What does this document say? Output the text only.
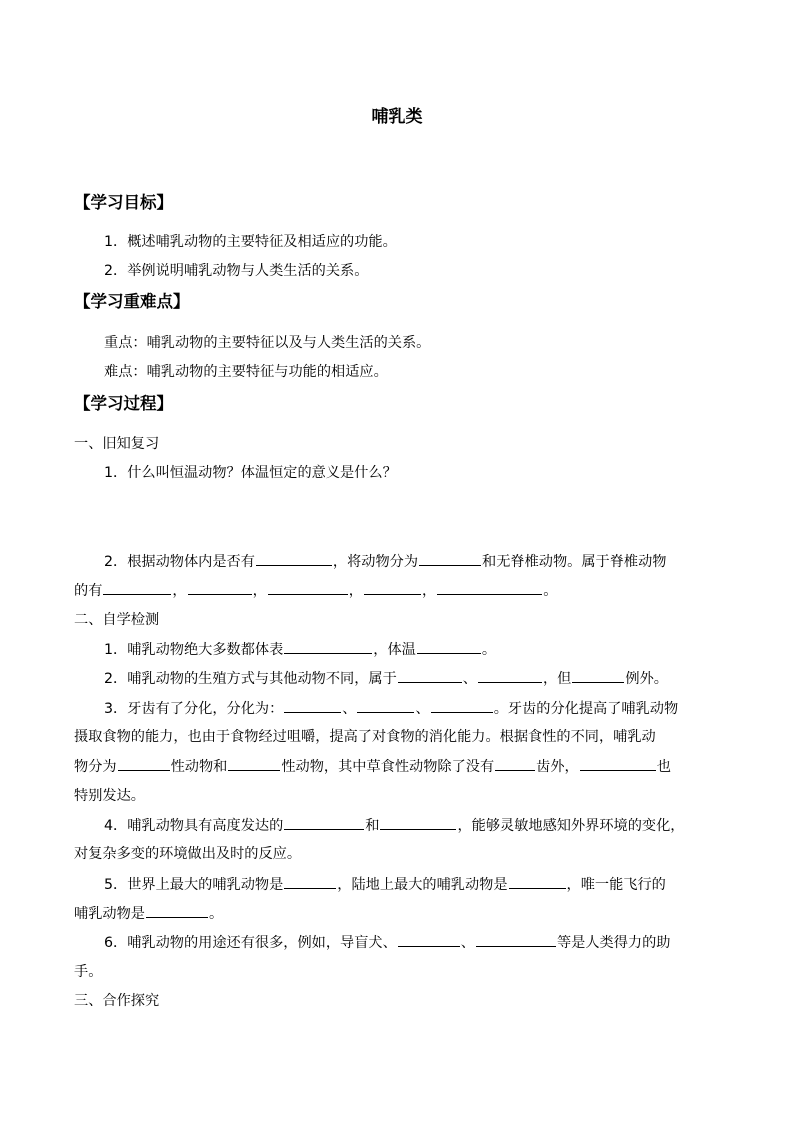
哺乳类
【学习目标】
1．概述哺乳动物的主要特征及相适应的功能。
2．举例说明哺乳动物与人类生活的关系。
【学习重难点】
重点：哺乳动物的主要特征以及与人类生活的关系。
难点：哺乳动物的主要特征与功能的相适应。
【学习过程】
一、旧知复习
1．什么叫恒温动物？体温恒定的意义是什么？
2．根据动物体内是否有	，将动物分为	和无脊椎动物。属于脊椎动物
的有	，	，	，	，	。
二、自学检测
1．哺乳动物绝大多数都体表	，体温	。
2．哺乳动物的生殖方式与其他动物不同，属于	、	，但	例外。
3．牙齿有了分化，分化为：	、	、	。牙齿的分化提高了哺乳动物
摄取食物的能力，也由于食物经过咀嚼，提高了对食物的消化能力。根据食性的不同，哺乳动
物分为	性动物和	性动物，其中草食性动物除了没有	齿外，	也
特别发达。
4．哺乳动物具有高度发达的	和	，能够灵敏地感知外界环境的变化，
对复杂多变的环境做出及时的反应。
5．世界上最大的哺乳动物是	，陆地上最大的哺乳动物是	，唯一能飞行的
哺乳动物是	。
6．哺乳动物的用途还有很多，例如，导盲犬、	、	等是人类得力的助
手。
三、合作探究
